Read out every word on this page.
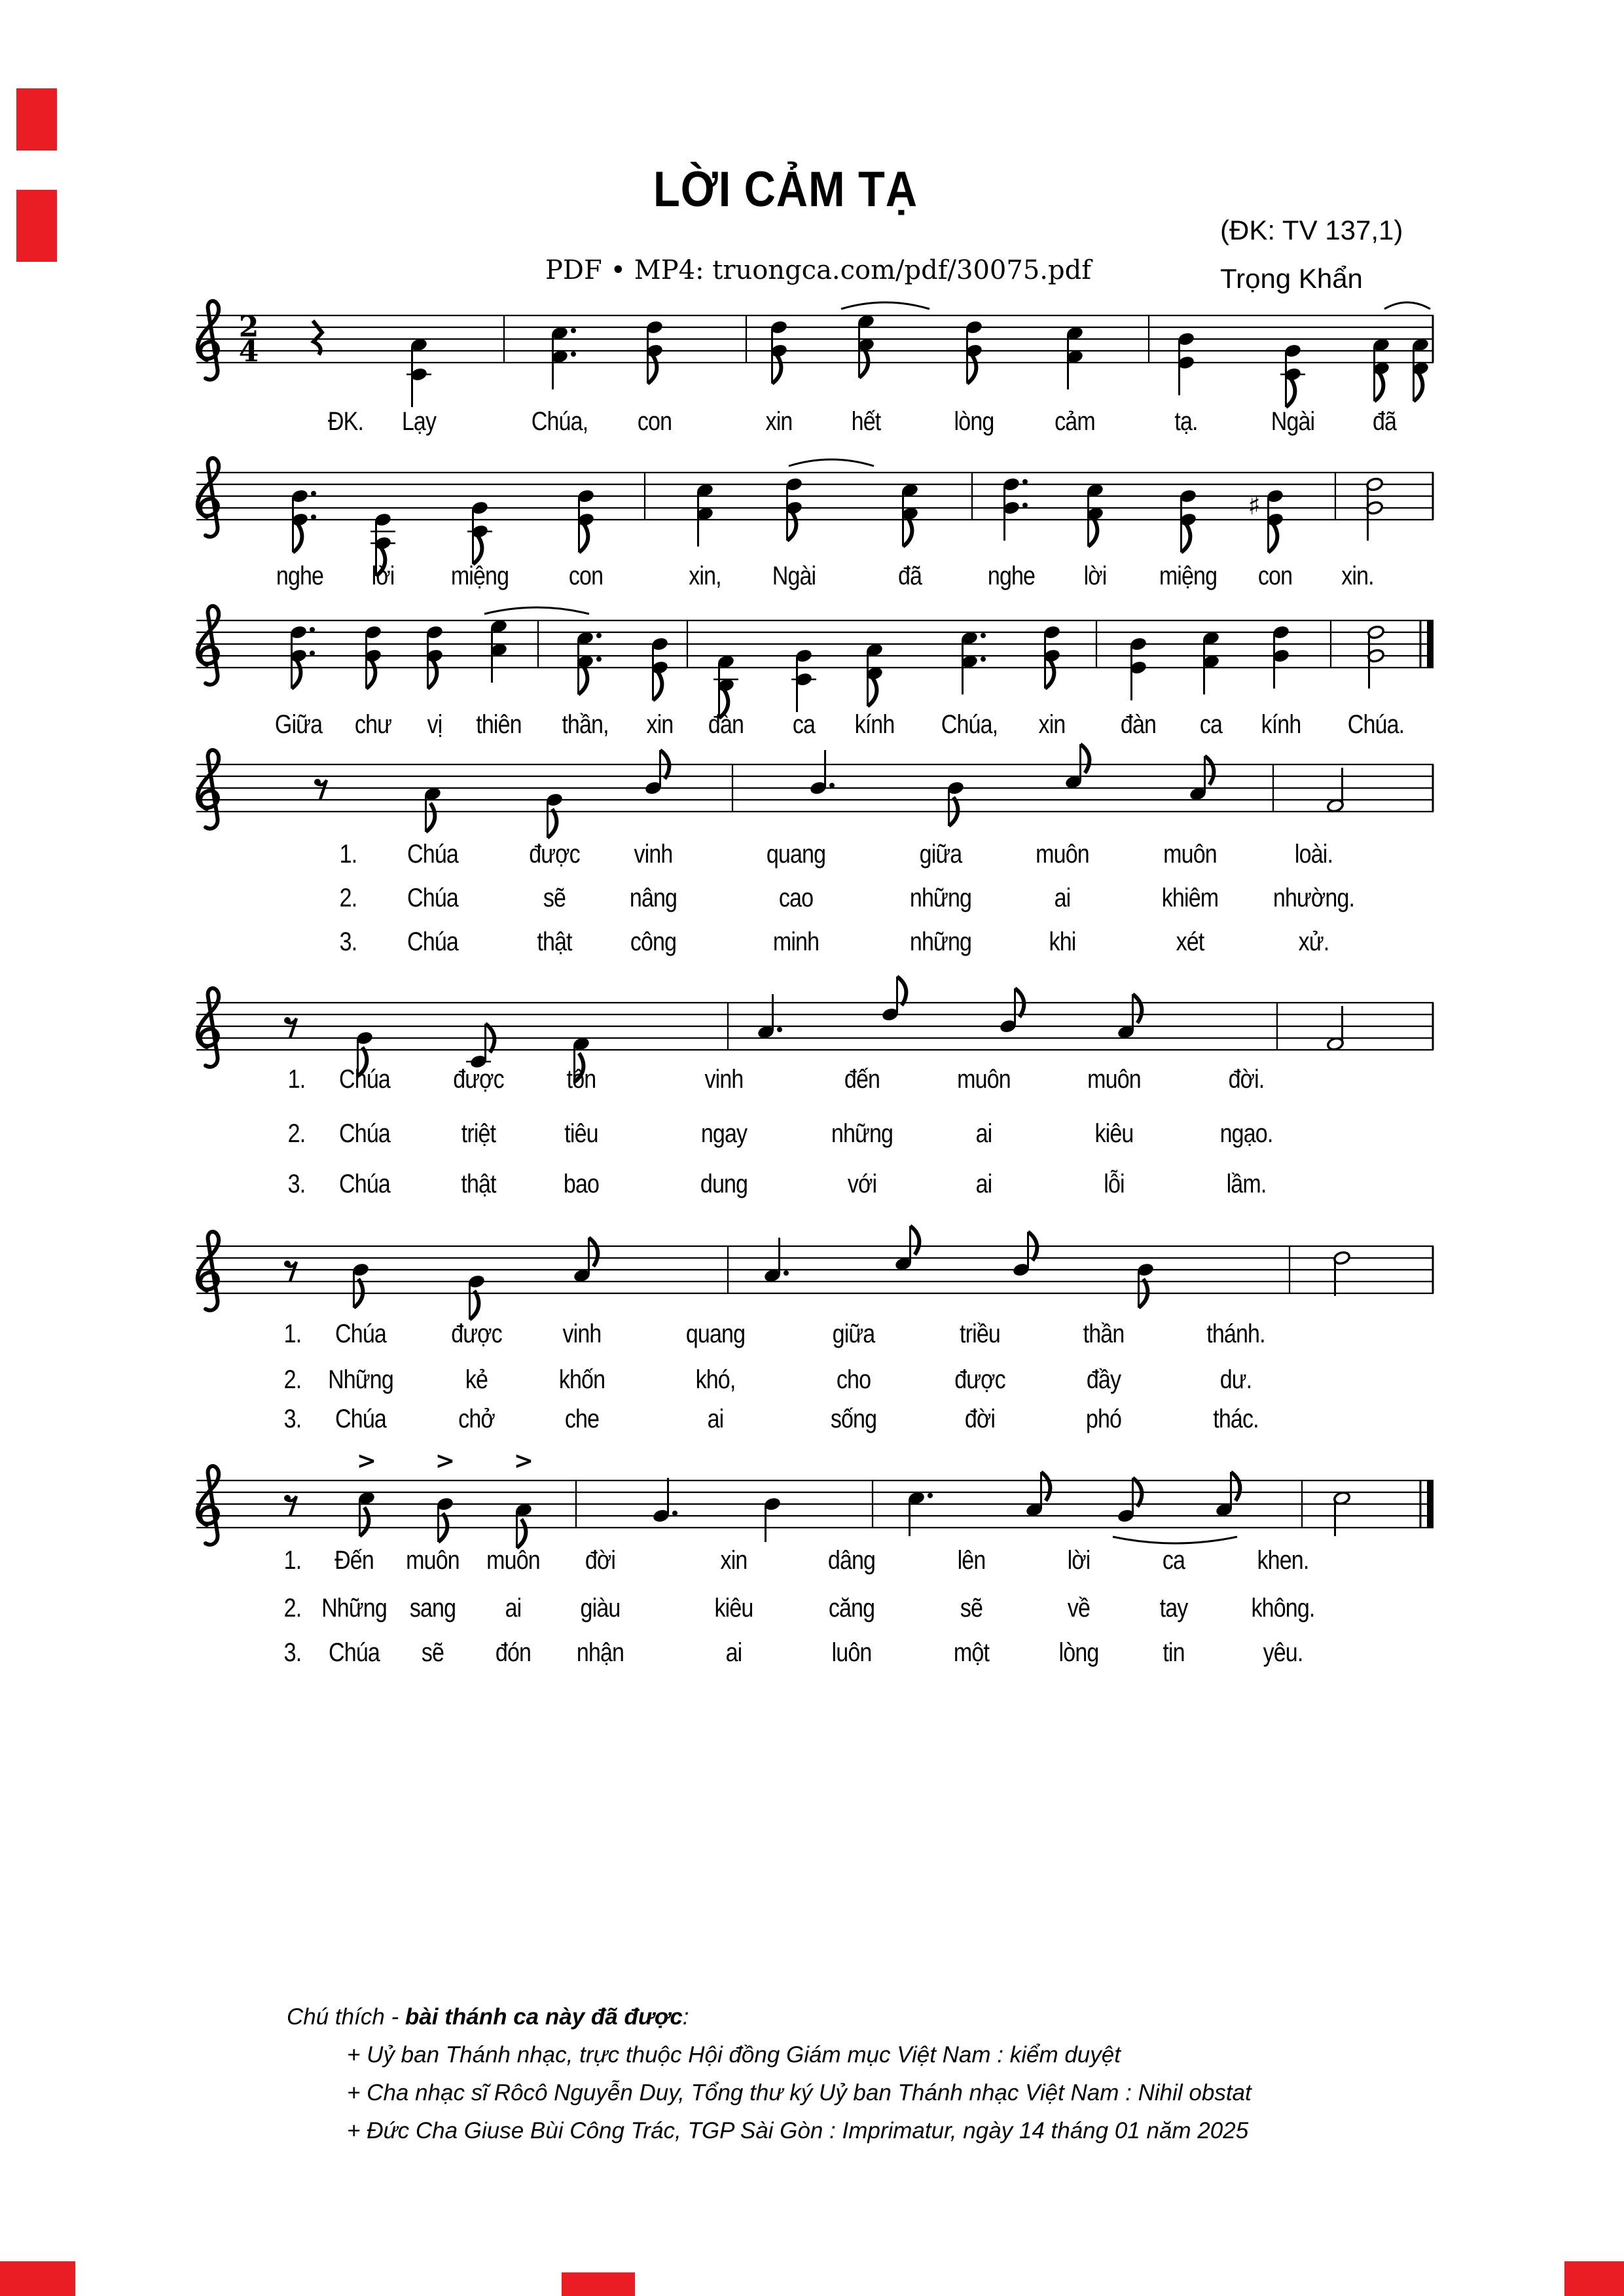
LỜI CẢM TẠ
PDF • MP4: truongca.com/pdf/30075.pdf
(ĐK: TV 137,1)
Trọng Khẩn
2
4
♯
> > >
ĐK. Lạy	Chúa, con	xin hết	lòng cảm	tạ.	Ngài đã
nghe lời miệng con	xin, Ngài	đã	nghe lời miệng con xin.
Giữa chư vị thiên thần, xin đàn ca kính Chúa, xin đàn ca kính Chúa.
1. Chúa	được vinh	quang	giữa	muôn	muôn	loài.
2. Chúa	sẽ nâng	cao	những	ai	khiêm nhường.
3. Chúa	thật công	minh	những	khi	xét	xử.
1. Chúa được tôn	vinh	đến	muôn	muôn	đời.
2. Chúa	triệt	tiêu	ngay	những	ai	kiêu	ngạo.
3. Chúa	thật	bao	dung	với	ai	lỗi	lầm.
1. Chúa được vinh	quang	giữa	triều	thần	thánh.
2. Những	kẻ	khốn	khó,	cho	được	đầy	dư.
3. Chúa	chở	che	ai	sống	đời	phó	thác.
1. Đến muôn muôn đời	xin	dâng	lên	lời	ca	khen.
2. Những sang ai giàu	kiêu	căng	sẽ	về	tay không.
3. Chúa sẽ đón nhận	ai	luôn	một	lòng tin	yêu.
Chú thích - bài thánh ca này đã được:
+ Uỷ ban Thánh nhạc, trực thuộc Hội đồng Giám mục Việt Nam : kiểm duyệt
+ Cha nhạc sĩ Rôcô Nguyễn Duy, Tổng thư ký Uỷ ban Thánh nhạc Việt Nam : Nihil obstat
+ Đức Cha Giuse Bùi Công Trác, TGP Sài Gòn : Imprimatur, ngày 14 tháng 01 năm 2025
